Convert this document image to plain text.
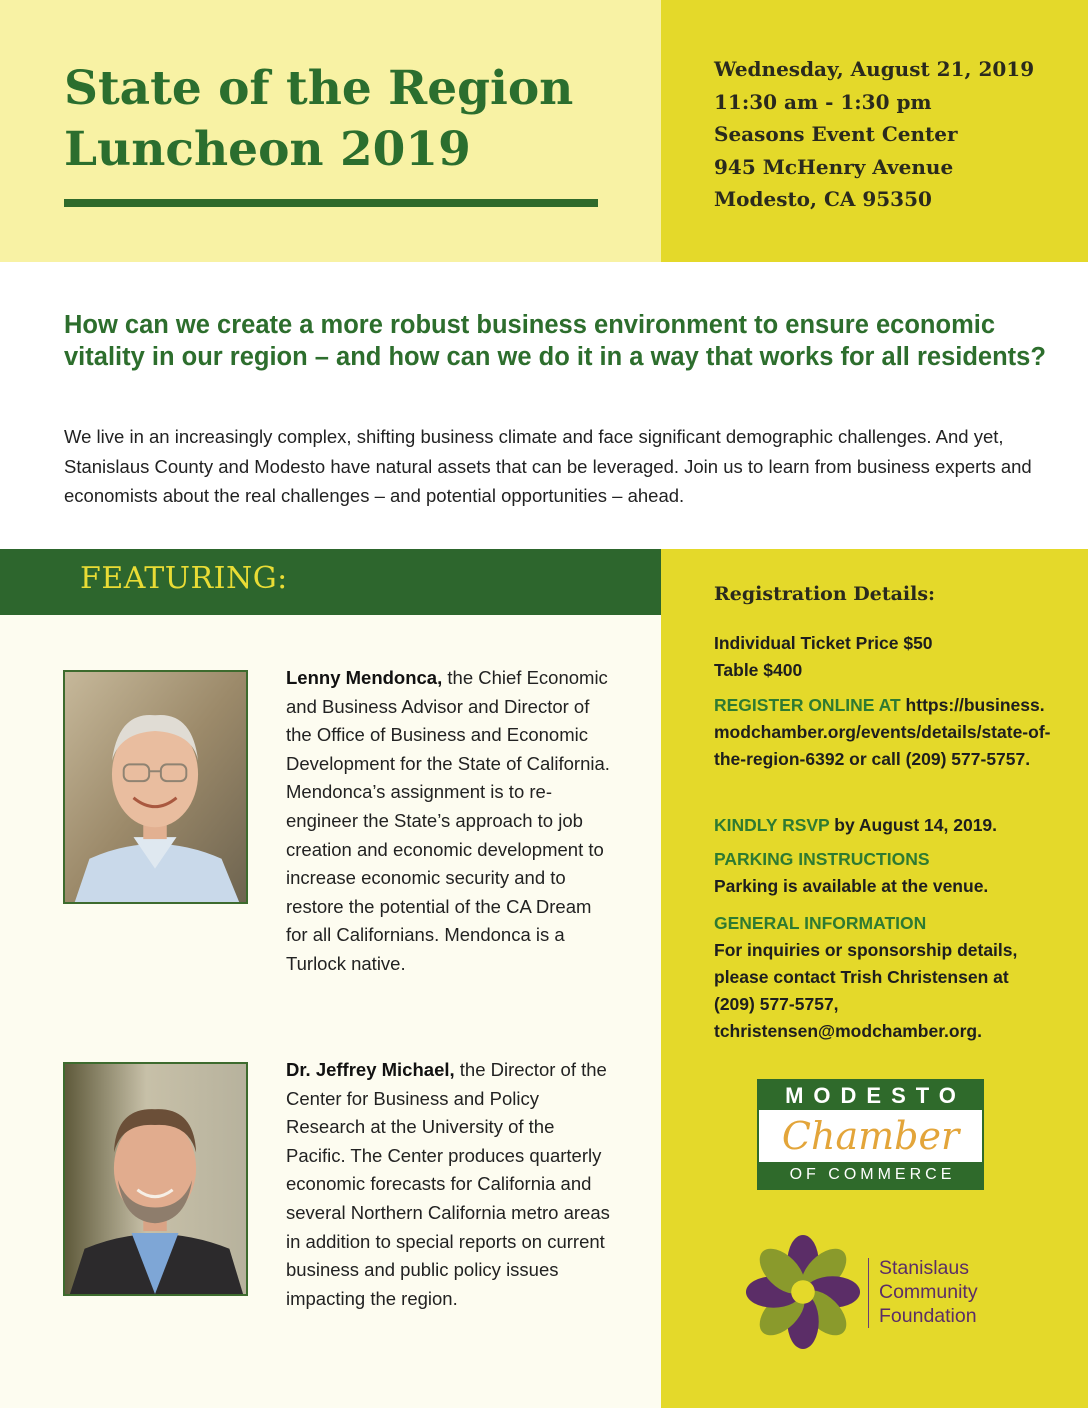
State of the Region
Luncheon 2019
Wednesday, August 21, 2019
11:30 am - 1:30 pm
Seasons Event Center
945 McHenry Avenue
Modesto, CA 95350

How can we create a more robust business environment to ensure economic vitality in our region – and how can we do it in a way that works for all residents?

We live in an increasingly complex, shifting business climate and face significant demographic challenges. And yet, Stanislaus County and Modesto have natural assets that can be leveraged. Join us to learn from business experts and economists about the real challenges – and potential opportunities – ahead.

FEATURING:

Lenny Mendonca, the Chief Economic and Business Advisor and Director of the Office of Business and Economic Development for the State of California. Mendonca’s assignment is to re-engineer the State’s approach to job creation and economic development to increase economic security and to restore the potential of the CA Dream for all Californians. Mendonca is a Turlock native.

Dr. Jeffrey Michael, the Director of the Center for Business and Policy Research at the University of the Pacific. The Center produces quarterly economic forecasts for California and several Northern California metro areas in addition to special reports on current business and public policy issues impacting the region.

Registration Details:
Individual Ticket Price $50
Table $400
REGISTER ONLINE AT https://business.modchamber.org/events/details/state-of-the-region-6392 or call (209) 577-5757.
KINDLY RSVP by August 14, 2019.
PARKING INSTRUCTIONS
Parking is available at the venue.
GENERAL INFORMATION
For inquiries or sponsorship details, please contact Trish Christensen at (209) 577-5757, tchristensen@modchamber.org.
MODESTO
Chamber
OF COMMERCE
Stanislaus
Community
Foundation
